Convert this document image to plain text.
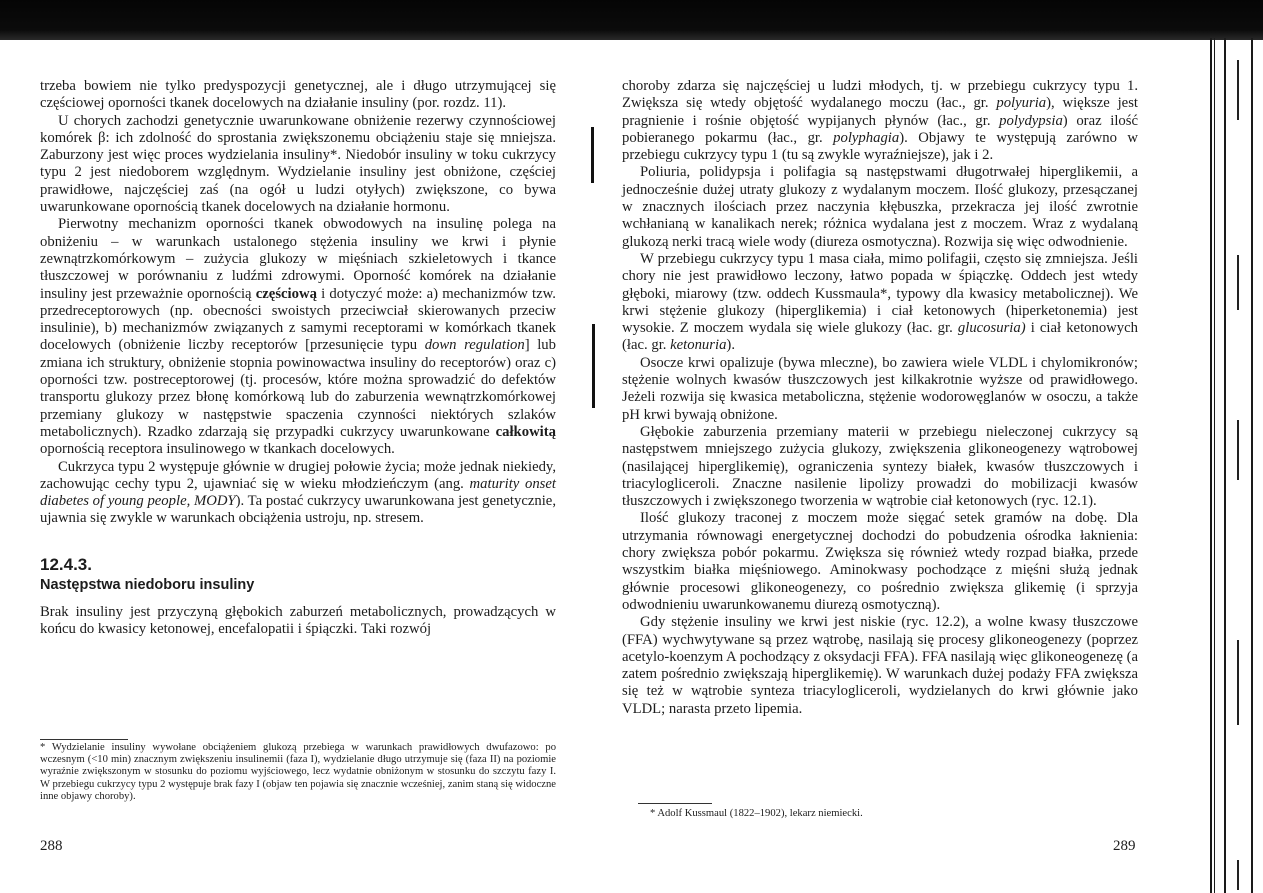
trzeba bowiem nie tylko predyspozycji genetycznej, ale i długo utrzymującej się częściowej oporności tkanek docelowych na działanie insuliny (por. rozdz. 11).

U chorych zachodzi genetycznie uwarunkowane obniżenie rezerwy czynnościowej komórek β: ich zdolność do sprostania zwiększonemu obciążeniu staje się mniejsza. Zaburzony jest więc proces wydzielania insuliny*. Niedobór insuliny w toku cukrzycy typu 2 jest niedoborem względnym. Wydzielanie insuliny jest obniżone, częściej prawidłowe, najczęściej zaś (na ogół u ludzi otyłych) zwiększone, co bywa uwarunkowane opornością tkanek docelowych na działanie hormonu.

Pierwotny mechanizm oporności tkanek obwodowych na insulinę polega na obniżeniu – w warunkach ustalonego stężenia insuliny we krwi i płynie zewnątrzkomórkowym – zużycia glukozy w mięśniach szkieletowych i tkance tłuszczowej w porównaniu z ludźmi zdrowymi. Oporność komórek na działanie insuliny jest przeważnie opornością częściową i dotyczyć może: a) mechanizmów tzw. przedreceptorowych (np. obecności swoistych przeciwciał skierowanych przeciw insulinie), b) mechanizmów związanych z samymi receptorami w komórkach tkanek docelowych (obniżenie liczby receptorów [przesunięcie typu down regulation] lub zmiana ich struktury, obniżenie stopnia powinowactwa insuliny do receptorów) oraz c) oporności tzw. postreceptorowej (tj. procesów, które można sprowadzić do defektów transportu glukozy przez błonę komórkową lub do zaburzenia wewnątrzkomórkowej przemiany glukozy w następstwie spaczenia czynności niektórych szlaków metabolicznych). Rzadko zdarzają się przypadki cukrzycy uwarunkowane całkowitą opornością receptora insulinowego w tkankach docelowych.

Cukrzyca typu 2 występuje głównie w drugiej połowie życia; może jednak niekiedy, zachowując cechy typu 2, ujawniać się w wieku młodzieńczym (ang. maturity onset diabetes of young people, MODY). Ta postać cukrzycy uwarunkowana jest genetycznie, ujawnia się zwykle w warunkach obciążenia ustroju, np. stresem.

12.4.3.
Następstwa niedoboru insuliny

Brak insuliny jest przyczyną głębokich zaburzeń metabolicznych, prowadzących w końcu do kwasicy ketonowej, encefalopatii i śpiączki. Taki rozwój

* Wydzielanie insuliny wywołane obciążeniem glukozą przebiega w warunkach prawidłowych dwufazowo: po wczesnym (<10 min) znacznym zwiększeniu insulinemii (faza I), wydzielanie długo utrzymuje się (faza II) na poziomie wyraźnie zwiększonym w stosunku do poziomu wyjściowego, lecz wydatnie obniżonym w stosunku do szczytu fazy I. W przebiegu cukrzycy typu 2 występuje brak fazy I (objaw ten pojawia się znacznie wcześniej, zanim staną się widoczne inne objawy choroby).
288

choroby zdarza się najczęściej u ludzi młodych, tj. w przebiegu cukrzycy typu 1. Zwiększa się wtedy objętość wydalanego moczu (łac., gr. polyuria), większe jest pragnienie i rośnie objętość wypijanych płynów (łac., gr. polydypsia) oraz ilość pobieranego pokarmu (łac., gr. polyphagia). Objawy te występują zarówno w przebiegu cukrzycy typu 1 (tu są zwykle wyraźniejsze), jak i 2.

Poliuria, polidypsja i polifagia są następstwami długotrwałej hiperglikemii, a jednocześnie dużej utraty glukozy z wydalanym moczem. Ilość glukozy, przesączanej w znacznych ilościach przez naczynia kłębuszka, przekracza jej ilość zwrotnie wchłanianą w kanalikach nerek; różnica wydalana jest z moczem. Wraz z wydalaną glukozą nerki tracą wiele wody (diureza osmotyczna). Rozwija się więc odwodnienie.

W przebiegu cukrzycy typu 1 masa ciała, mimo polifagii, często się zmniejsza. Jeśli chory nie jest prawidłowo leczony, łatwo popada w śpiączkę. Oddech jest wtedy głęboki, miarowy (tzw. oddech Kussmaula*, typowy dla kwasicy metabolicznej). We krwi stężenie glukozy (hiperglikemia) i ciał ketonowych (hiperketonemia) jest wysokie. Z moczem wydala się wiele glukozy (łac. gr. glucosuria) i ciał ketonowych (łac. gr. ketonuria).

Osocze krwi opalizuje (bywa mleczne), bo zawiera wiele VLDL i chylomikronów; stężenie wolnych kwasów tłuszczowych jest kilkakrotnie wyższe od prawidłowego. Jeżeli rozwija się kwasica metaboliczna, stężenie wodorowęglanów w osoczu, a także pH krwi bywają obniżone.

Głębokie zaburzenia przemiany materii w przebiegu nieleczonej cukrzycy są następstwem mniejszego zużycia glukozy, zwiększenia glikoneogenezy wątrobowej (nasilającej hiperglikemię), ograniczenia syntezy białek, kwasów tłuszczowych i triacylogliceroli. Znaczne nasilenie lipolizy prowadzi do mobilizacji kwasów tłuszczowych i zwiększonego tworzenia w wątrobie ciał ketonowych (ryc. 12.1).

Ilość glukozy traconej z moczem może sięgać setek gramów na dobę. Dla utrzymania równowagi energetycznej dochodzi do pobudzenia ośrodka łaknienia: chory zwiększa pobór pokarmu. Zwiększa się również wtedy rozpad białka, przede wszystkim białka mięśniowego. Aminokwasy pochodzące z mięśni służą jednak głównie procesowi glikoneogenezy, co pośrednio zwiększa glikemię (i sprzyja odwodnieniu uwarunkowanemu diurezą osmotyczną).

Gdy stężenie insuliny we krwi jest niskie (ryc. 12.2), a wolne kwasy tłuszczowe (FFA) wychwytywane są przez wątrobę, nasilają się procesy glikoneogenezy (poprzez acetylo-koenzym A pochodzący z oksydacji FFA). FFA nasilają więc glikoneogenezę (a zatem pośrednio zwiększają hiperglikemię). W warunkach dużej podaży FFA zwiększa się też w wątrobie synteza triacylogliceroli, wydzielanych do krwi głównie jako VLDL; narasta przeto lipemia.

* Adolf Kussmaul (1822–1902), lekarz niemiecki.
289
